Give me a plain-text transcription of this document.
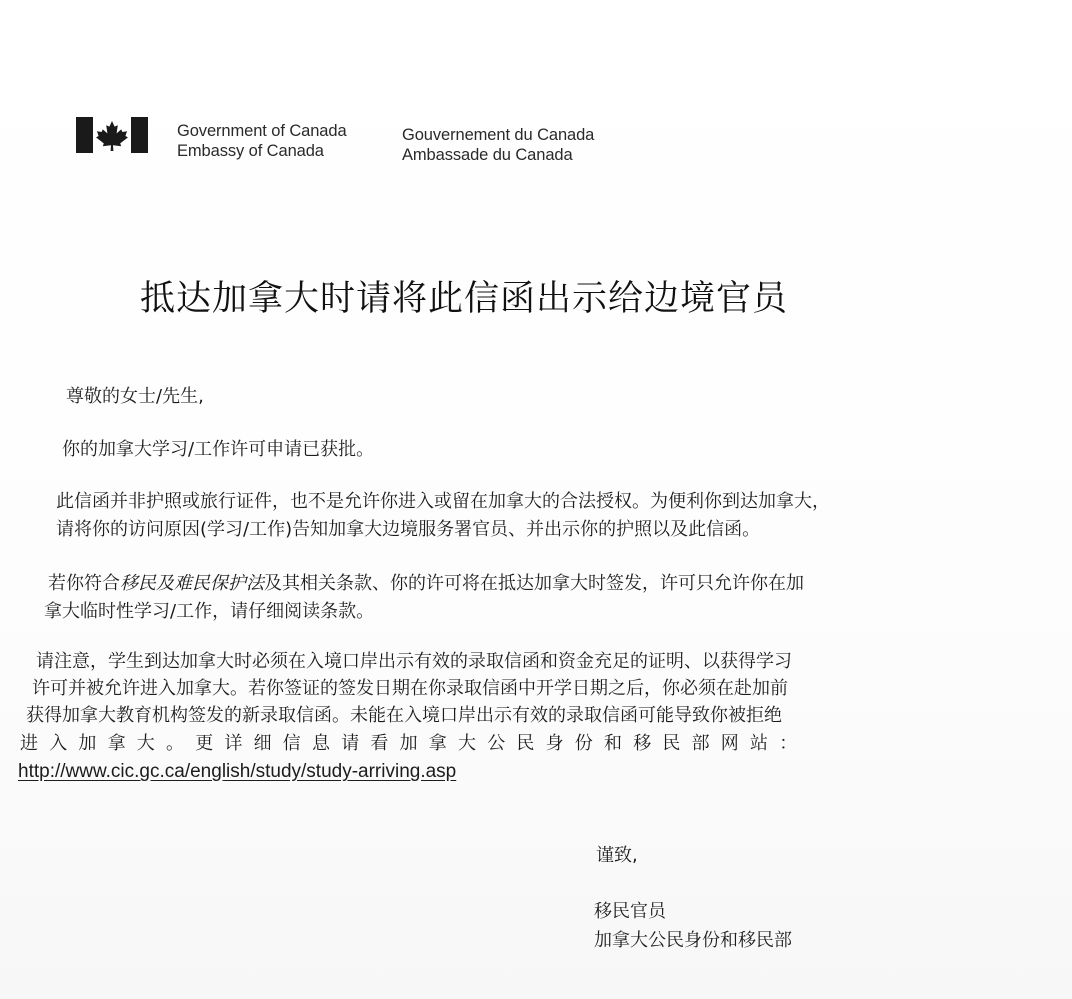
Government of Canada
Embassy of Canada
Gouvernement du Canada
Ambassade du Canada
抵达加拿大时请将此信函出示给边境官员
尊敬的女士/先生,
你的加拿大学习/工作许可申请已获批。
此信函并非护照或旅行证件，也不是允许你进入或留在加拿大的合法授权。为便利你到达加拿大，
请将你的访问原因(学习/工作)告知加拿大边境服务署官员、并出示你的护照以及此信函。
若你符合移民及难民保护法及其相关条款、你的许可将在抵达加拿大时签发，许可只允许你在加
拿大临时性学习/工作，请仔细阅读条款。
请注意，学生到达加拿大时必须在入境口岸出示有效的录取信函和资金充足的证明、以获得学习
许可并被允许进入加拿大。若你签证的签发日期在你录取信函中开学日期之后，你必须在赴加前
获得加拿大教育机构签发的新录取信函。未能在入境口岸出示有效的录取信函可能导致你被拒绝
进入加拿大。更详细信息请看加拿大公民身份和移民部网站：
http://www.cic.gc.ca/english/study/study-arriving.asp
谨致,
移民官员
加拿大公民身份和移民部
